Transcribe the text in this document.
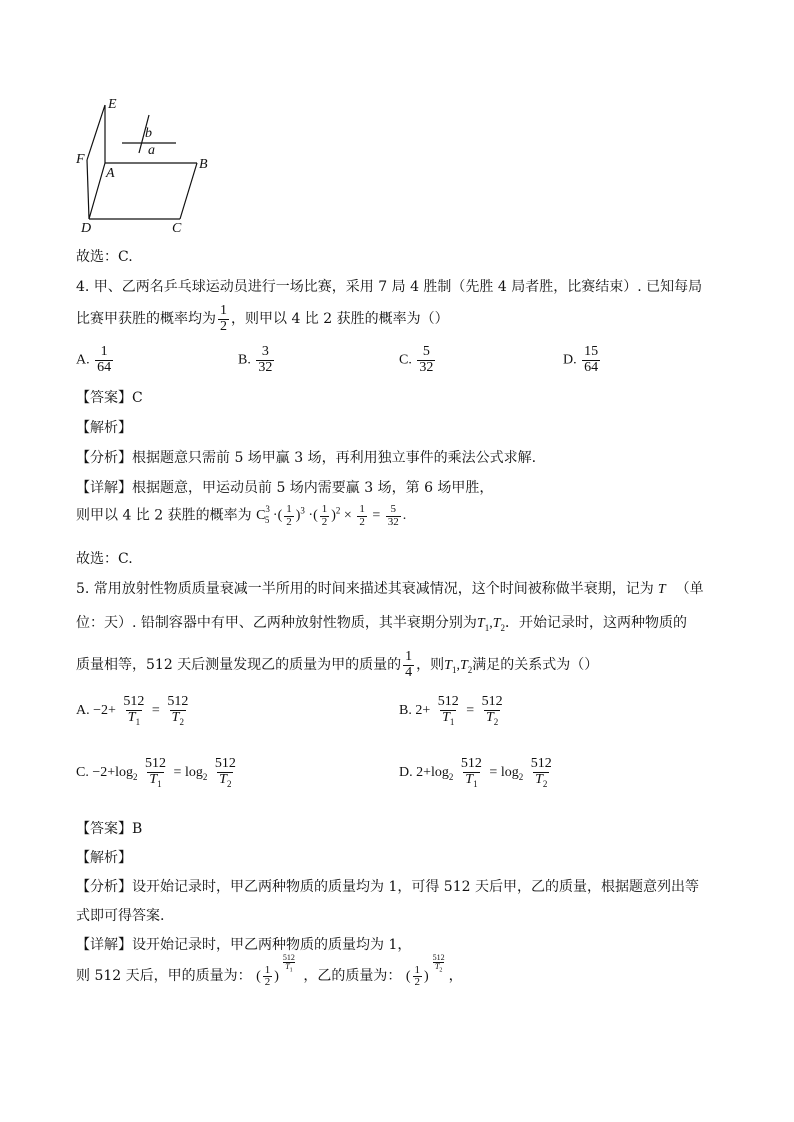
E
F
A
B
D	C
a
b
故选：C.
4. 甲、乙两名乒乓球运动员进行一场比赛，采用 7 局 4 胜制（先胜 4 局者胜，比赛结束）. 已知每局
比赛甲获胜的概率均为 $\frac{1}{2}$ ，则甲以 4 比 2 获胜的概率为（）
A. $\frac{1}{64}$	B. $\frac{3}{32}$	C. $\frac{5}{32}$	D. $\frac{15}{64}$
【答案】C
【解析】
【分析】根据题意只需前 5 场甲赢 3 场，再利用独立事件的乘法公式求解.
【详解】根据题意，甲运动员前 5 场内需要赢 3 场，第 6 场甲胜，
则甲以 4 比 2 获胜的概率为 $C^3_5$ ·( $\frac{1}{2} )^3$ ·( $\frac{1}{2} )^2 \times \frac{1}{2} = \frac{5}{32}$ .
故选：C.
5. 常用放射性物质质量衰减一半所用的时间来描述其衰减情况，这个时间被称做半衰期，记为 T （单
位：天）. 铅制容器中有甲、乙两种放射性物质，其半衰期分别为$T_1,T_2$．开始记录时，这两种物质的
质量相等，512 天后测量发现乙的质量为甲的质量的 $\frac{1}{4}$ ，则$T_1,T_2$满足的关系式为（）
A. $-2+ \frac{512}{T_1} = \frac{512}{T_2}$	B. $2+ \frac{512}{T_1} = \frac{512}{T_2}$
C. $-2+\log_2 \frac{512}{T_1} = \log_2 \frac{512}{T_2}$	D. $2+\log_2 \frac{512}{T_1} = \log_2 \frac{512}{T_2}$
【答案】B
【解析】
【分析】设开始记录时，甲乙两种物质的质量均为 1，可得 512 天后甲，乙的质量，根据题意列出等
式即可得答案.
【详解】设开始记录时，甲乙两种物质的质量均为 1，
则 512 天后，甲的质量为： ( $\frac{1}{2}$ )
$^{\frac{512}{T_1}}$
，乙的质量为： ( $\frac{1}{2}$ )
$^{\frac{512}{T_2}}$
，
